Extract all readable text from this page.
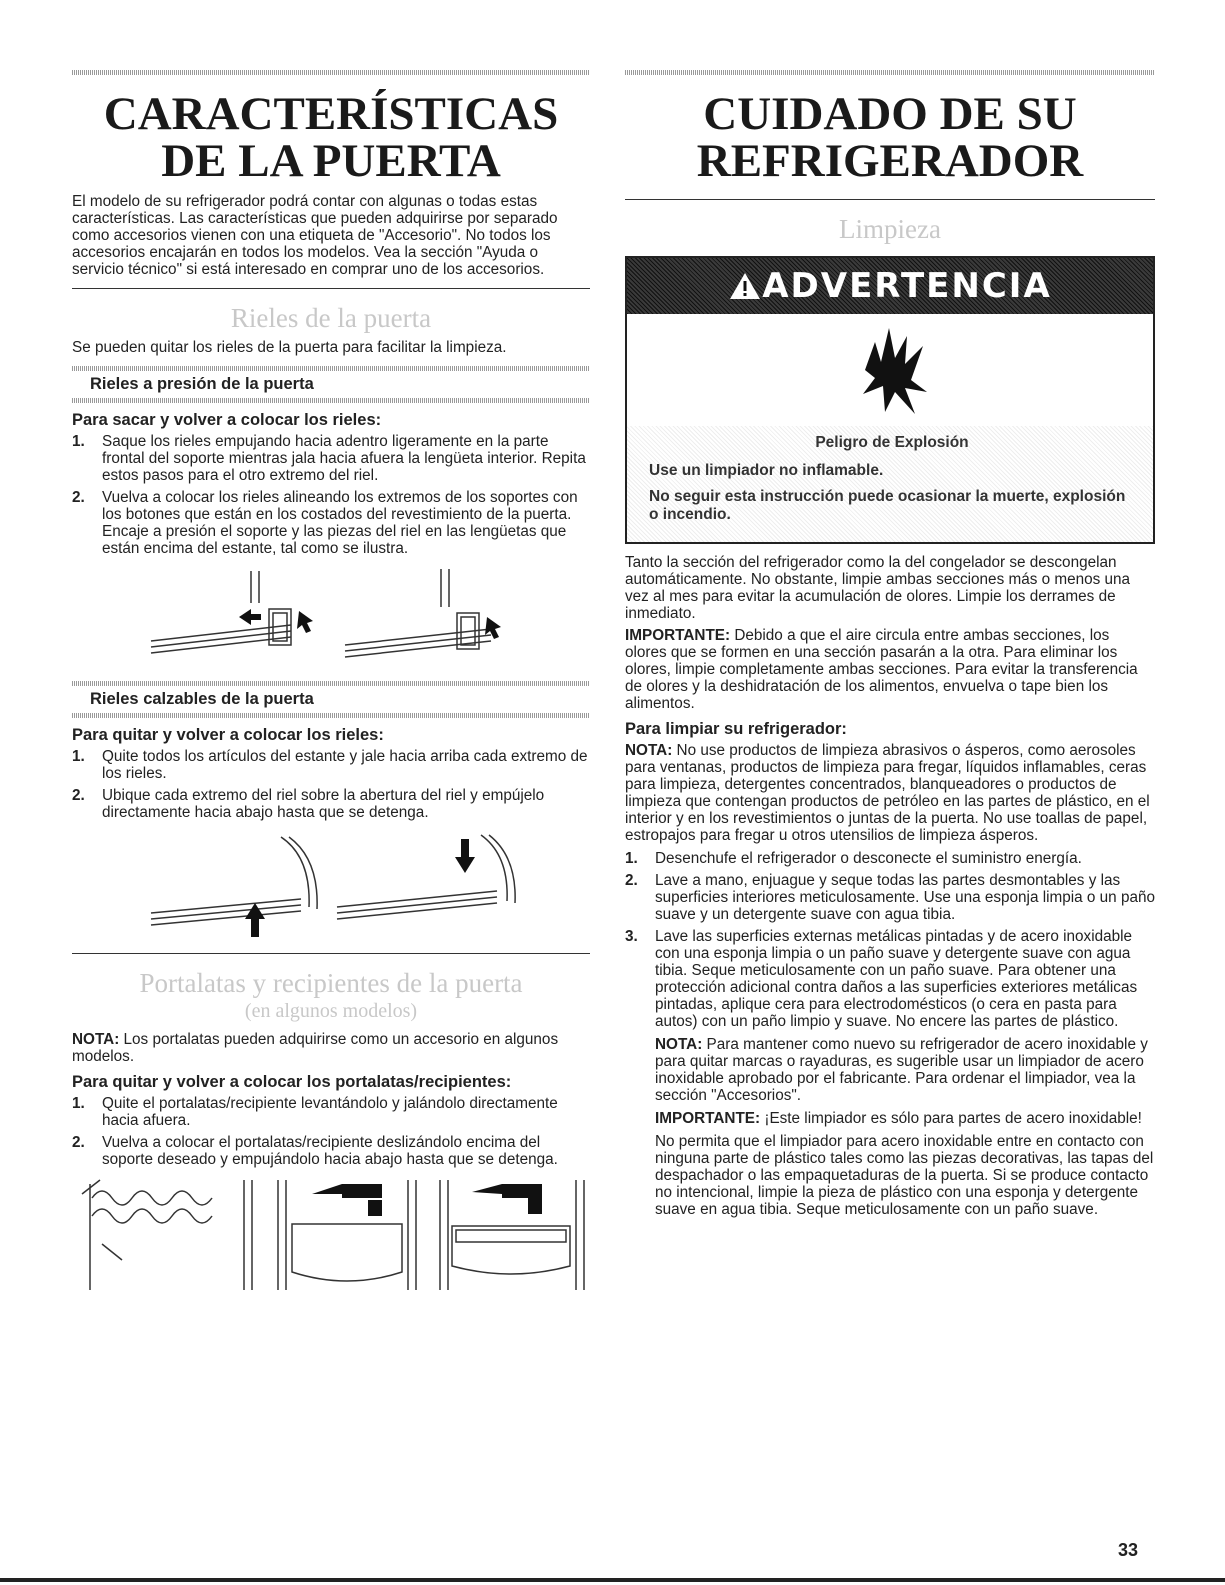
CARACTERÍSTICAS
DE LA PUERTA

El modelo de su refrigerador podrá contar con algunas o todas estas características. Las características que pueden adquirirse por separado como accesorios vienen con una etiqueta de "Accesorio". No todos los accesorios encajarán en todos los modelos. Vea la sección "Ayuda o servicio técnico" si está interesado en comprar uno de los accesorios.

Rieles de la puerta

Se pueden quitar los rieles de la puerta para facilitar la limpieza.

Rieles a presión de la puerta
Para sacar y volver a colocar los rieles:
1. Saque los rieles empujando hacia adentro ligeramente en la parte frontal del soporte mientras jala hacia afuera la lengüeta interior. Repita estos pasos para el otro extremo del riel.
2. Vuelva a colocar los rieles alineando los extremos de los soportes con los botones que están en los costados del revestimiento de la puerta. Encaje a presión el soporte y las piezas del riel en las lengüetas que están encima del estante, tal como se ilustra.
Rieles calzables de la puerta
Para quitar y volver a colocar los rieles:
1. Quite todos los artículos del estante y jale hacia arriba cada extremo de los rieles.
2. Ubique cada extremo del riel sobre la abertura del riel y empújelo directamente hacia abajo hasta que se detenga.
Portalatas y recipientes de la puerta
(en algunos modelos)

NOTA: Los portalatas pueden adquirirse como un accesorio en algunos modelos.

Para quitar y volver a colocar los portalatas/recipientes:
1. Quite el portalatas/recipiente levantándolo y jalándolo directamente hacia afuera.
2. Vuelva a colocar el portalatas/recipiente deslizándolo encima del soporte deseado y empujándolo hacia abajo hasta que se detenga.
CUIDADO DE SU
REFRIGERADOR
Limpieza
ADVERTENCIA
Peligro de Explosión
Use un limpiador no inflamable.
No seguir esta instrucción puede ocasionar la muerte, explosión o incendio.

Tanto la sección del refrigerador como la del congelador se descongelan automáticamente. No obstante, limpie ambas secciones más o menos una vez al mes para evitar la acumulación de olores. Limpie los derrames de inmediato.

IMPORTANTE: Debido a que el aire circula entre ambas secciones, los olores que se formen en una sección pasarán a la otra. Para eliminar los olores, limpie completamente ambas secciones. Para evitar la transferencia de olores y la deshidratación de los alimentos, envuelva o tape bien los alimentos.

Para limpiar su refrigerador:

NOTA: No use productos de limpieza abrasivos o ásperos, como aerosoles para ventanas, productos de limpieza para fregar, líquidos inflamables, ceras para limpieza, detergentes concentrados, blanqueadores o productos de limpieza que contengan productos de petróleo en las partes de plástico, en el interior y en los revestimientos o juntas de la puerta. No use toallas de papel, estropajos para fregar u otros utensilios de limpieza ásperos.

1. Desenchufe el refrigerador o desconecte el suministro energía.
2. Lave a mano, enjuague y seque todas las partes desmontables y las superficies interiores meticulosamente. Use una esponja limpia o un paño suave y un detergente suave con agua tibia.
3. Lave las superficies externas metálicas pintadas y de acero inoxidable con una esponja limpia o un paño suave y detergente suave con agua tibia. Seque meticulosamente con un paño suave. Para obtener una protección adicional contra daños a las superficies exteriores metálicas pintadas, aplique cera para electrodomésticos (o cera en pasta para autos) con un paño limpio y suave. No encere las partes de plástico.

NOTA: Para mantener como nuevo su refrigerador de acero inoxidable y para quitar marcas o rayaduras, es sugerible usar un limpiador de acero inoxidable aprobado por el fabricante. Para ordenar el limpiador, vea la sección "Accesorios".

IMPORTANTE: ¡Este limpiador es sólo para partes de acero inoxidable!

No permita que el limpiador para acero inoxidable entre en contacto con ninguna parte de plástico tales como las piezas decorativas, las tapas del despachador o las empaquetaduras de la puerta. Si se produce contacto no intencional, limpie la pieza de plástico con una esponja y detergente suave en agua tibia. Seque meticulosamente con un paño suave.

33
